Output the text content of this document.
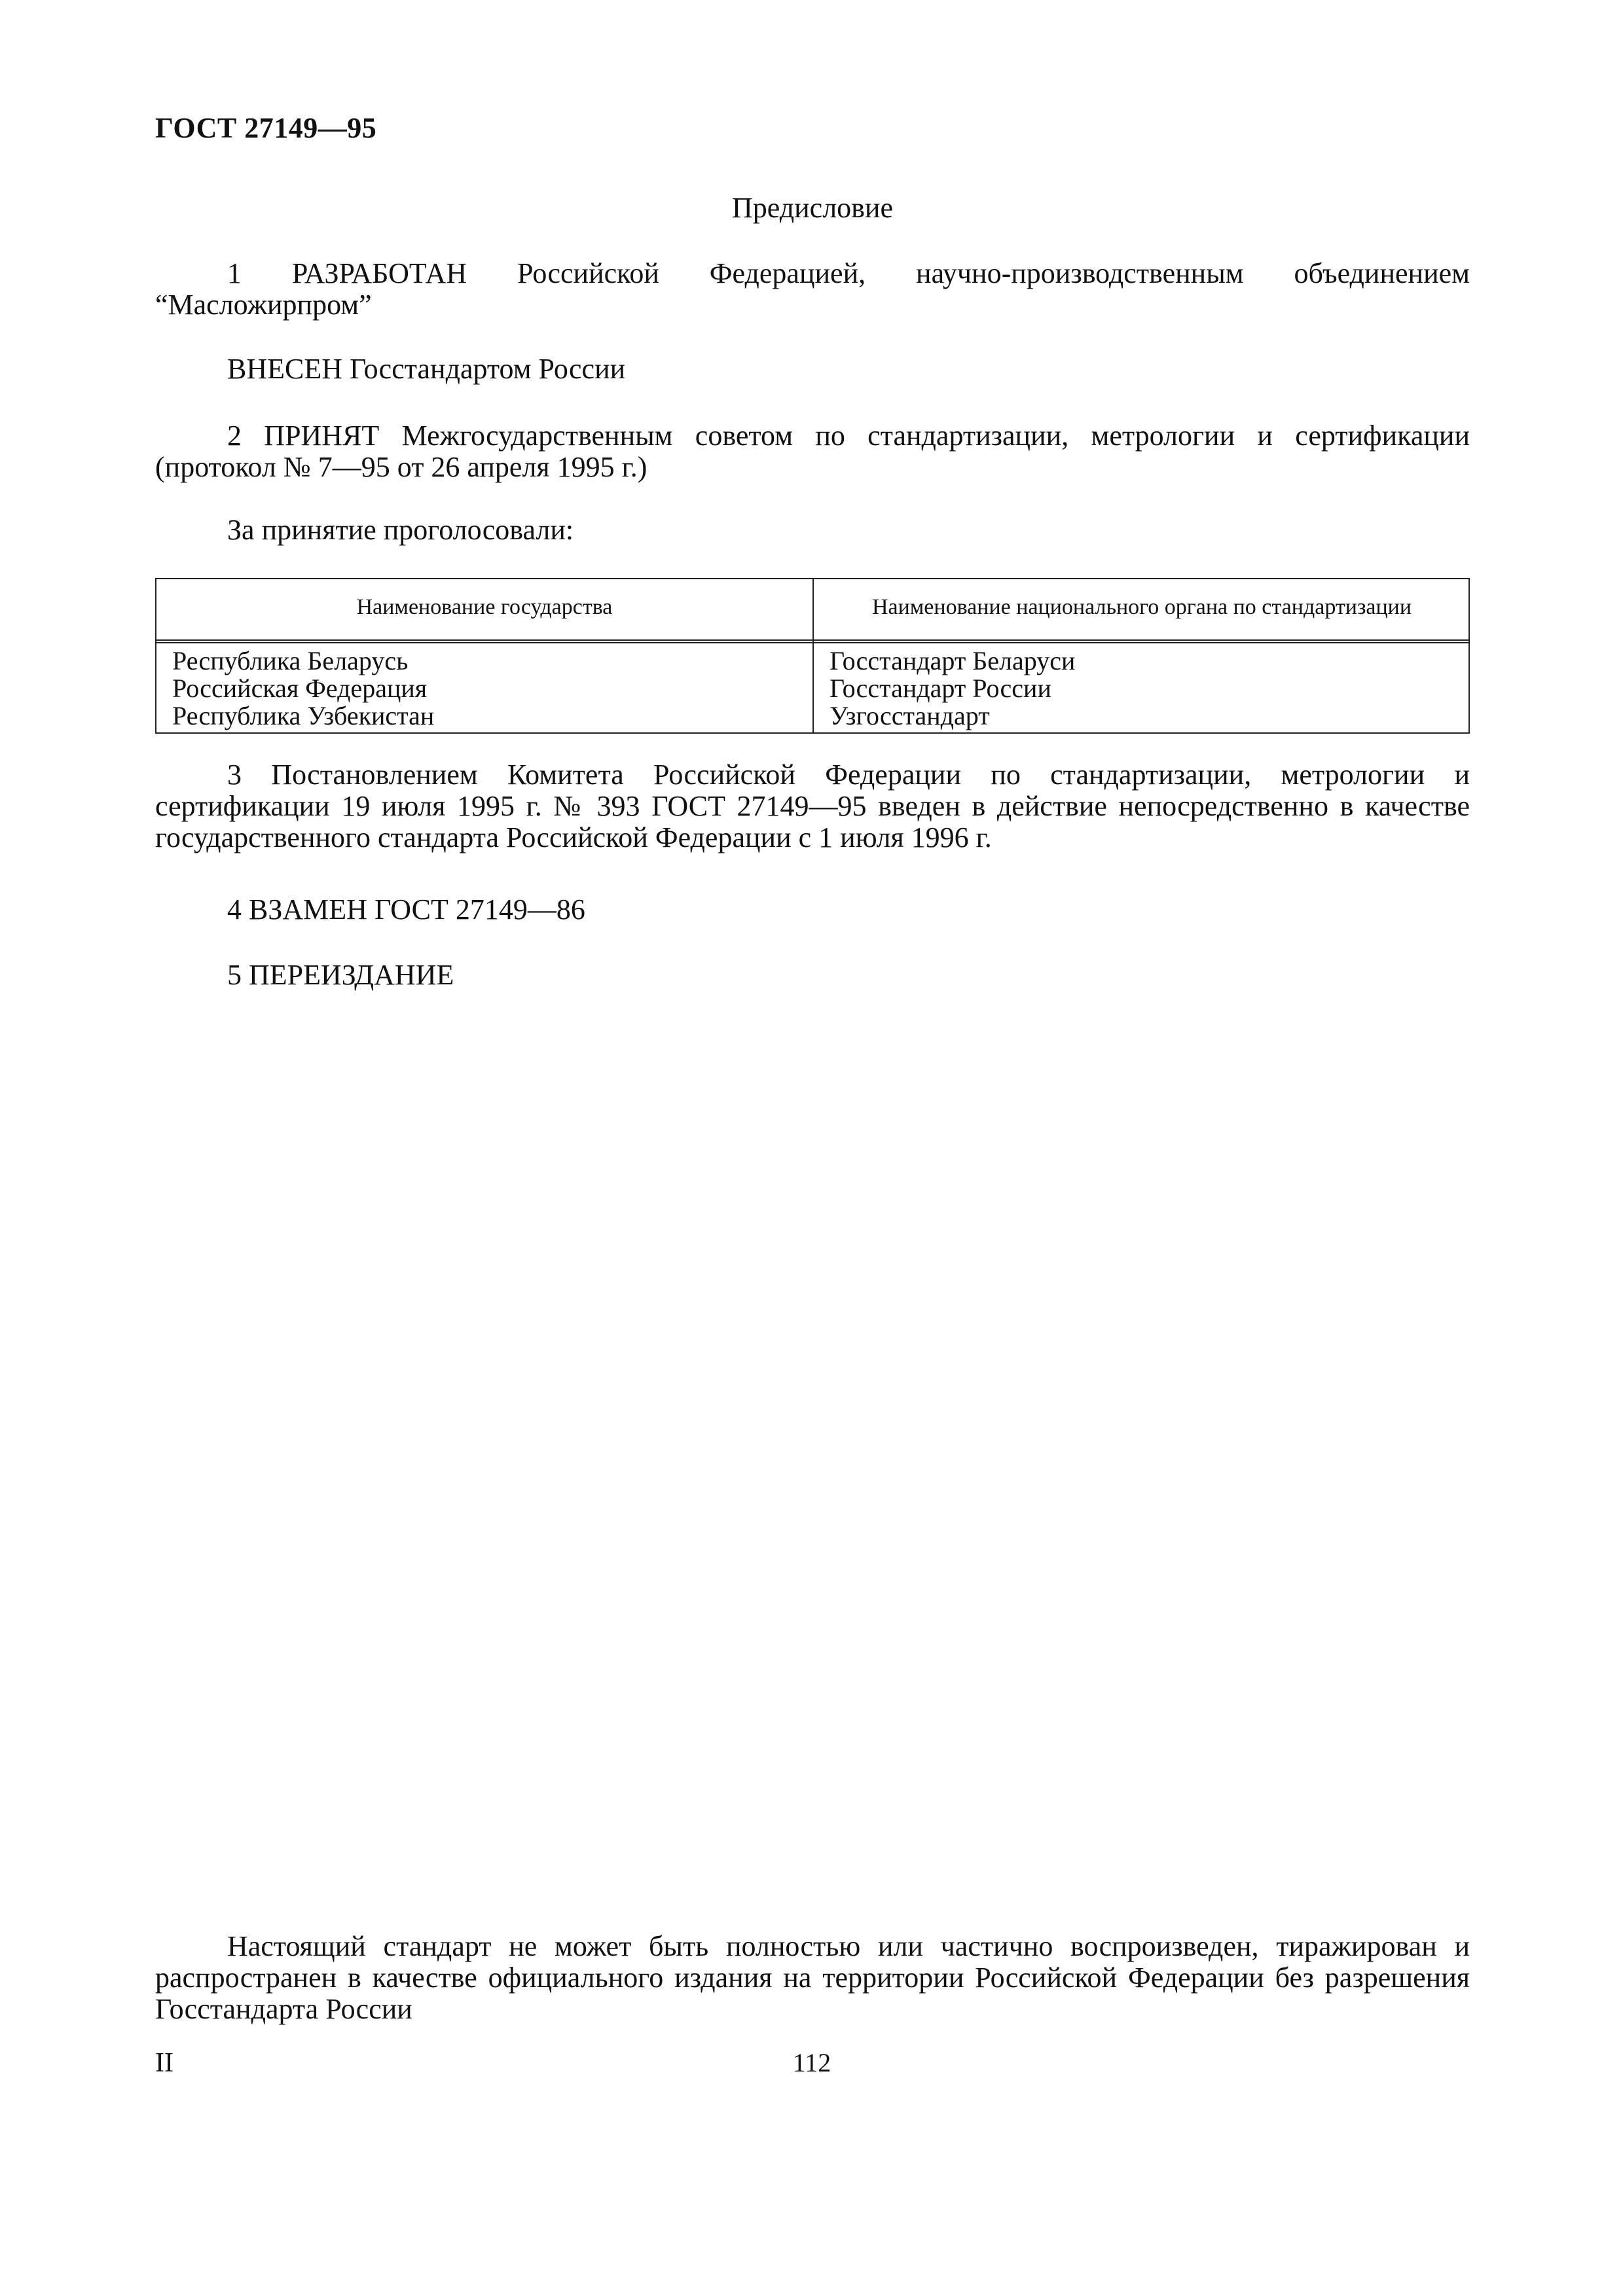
ГОСТ 27149—95

Предисловие

1 РАЗРАБОТАН Российской Федерацией, научно-производственным объединением “Масложирпром”

ВНЕСЕН Госстандартом России

2 ПРИНЯТ Межгосударственным советом по стандартизации, метрологии и сертификации (протокол № 7—95 от 26 апреля 1995 г.)

За принятие проголосовали:

Наименование государства	Наименование национального органа по стандартизации
Республика Беларусь
Российская Федерация
Республика Узбекистан
Госстандарт Беларуси
Госстандарт России
Узгосстандарт

3 Постановлением Комитета Российской Федерации по стандартизации, метрологии и сертификации 19 июля 1995 г. № 393 ГОСТ 27149—95 введен в действие непосредственно в качестве государственного стандарта Российской Федерации с 1 июля 1996 г.

4 ВЗАМЕН ГОСТ 27149—86

5 ПЕРЕИЗДАНИЕ

Настоящий стандарт не может быть полностью или частично воспроизведен, тиражирован и распространен в качестве официального издания на территории Российской Федерации без разрешения Госстандарта России

II	112
